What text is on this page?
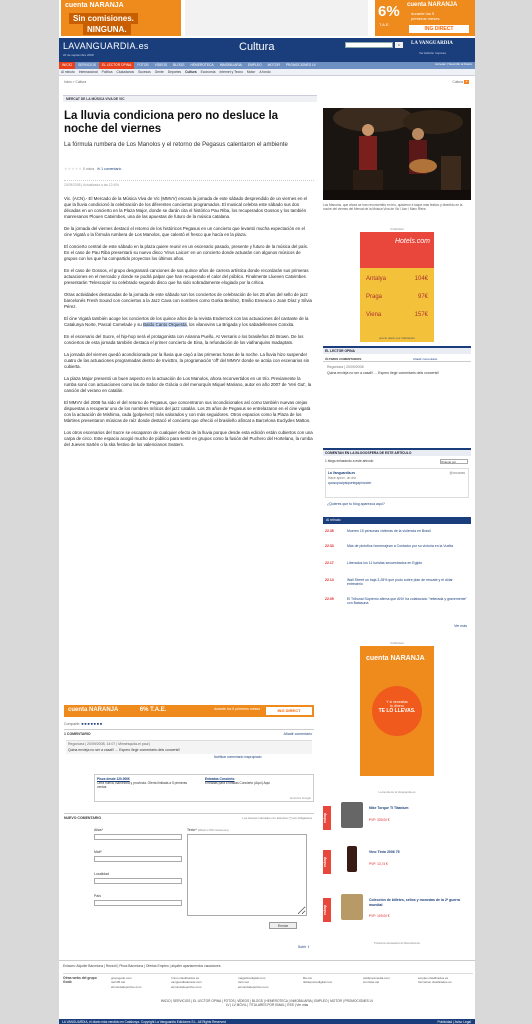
cuenta NARANJA
Sin comisiones.
NINGUNA.
6%
T.A.E.
cuenta NARANJA
durante los 5
primeros meses
ING DIRECT
LAVANGUARDIA.es
20 de septiembre 2008
Cultura	Ir	LA VANGUARDIA
Ver Edición Impresa
INICIO SERVICIOS EL LECTOR OPINA FOTOS VÍDEOS BLOGS HEMEROTECA INMOBILIARIA EMPLEO MOTOR PROMOCIONES LV	Acceder | Suscribir al Diario
Al minuto Internacional Política Ciudadanos Sucesos Gente Deportes Cultura Economía Internet y Tecno Motor A fondo
Inicio > Cultura	Cultura ●
MERCAT DE LA MÚSICA VIVA DE VIC
La lluvia condiciona pero no desluce la noche del viernes
La fórmula rumbera de Los Manolos y el retorno de Pegasus calentaron el ambiente
★★★★★ 0 votos ✉ 1 comentario
20/09/2008 | Actualizada a las 12:40h

Vic. (ACN).- El Mercado de la Música Viva de Vic (MMVV) encara la jornada de este sábado desprendido de un viernes en el que la lluvia condicionó la celebración de los diferentes conciertos programados. El musical celebra este sábado sus dos décadas en un concierto en la Plaza Major, donde se darán cita el histórico Pau Riba, los recuperados Gossos y los también manresanos Plouen Catximbes, una de las apuestas de futuro de la música catalana.

De la jornada del viernes destacó el retorno de los históricos Pegasus en un concierto que levantó mucha expectación en el cine Vigatà o la fórmula rumbera de Los Manolos, que calentó el fresco que hacía en la plaza.

El concierto central de este sábado en la plaza quiere reunir en un escenario pasado, presente y futuro de la música del país. En el caso de Pau Riba presentará su nuevo disco 'Virus Laicos' en un concierto donde actuarán con algunos músicos de grupos con los que ha compartido proyectos los últimos años.

En el caso de Gossos, el grupo desgranará canciones de sus quince años de carrera artística donde recordarán sus primeras actuaciones en el mercado y donde se podrá palpar que han recuperado el calor del público. Finalmente Llueven Catximbes presentarán 'Telescopio' su celebrado segundo disco que ha sido sobradamente elogiado por la crítica.

Otras actividades destacadas de la jornada de este sábado son los conciertos de celebración de los 25 años del sello de jazz barcelonés Fresh Sound con conciertos a la Jazz Cava con nombres como Gorka Benítez, Emilio Enseuca o Joan Díaz y Sílvia Pérez.

El cine Vigatà también acoge los conciertos de los quince años de la revista Enderrock con las actuaciones del cantante de la Catalunya Norte, Pascal Comelade y su Baldo Canto Orquesta, los vilanovins La Brigada y los sabadellenses Conxita.

En el escenario del Sucre, el hip-hop será el protagonista con Arianna Puello, At Versaris o los brasileños Zé Brown. De los conciertos de esta jornada también destaca el primer concierto de Eina, la refundación de los viafranquins Inadaptats.

La jornada del viernes quedó acondicionada por la lluvia que cayó a las primeras horas de la noche. La lluvia hizo suspender cuatro de las actuaciones programadas dentro de Invicttro, la programación 'off' del MMVV donde se actúa con escenarios sin cubierta.

La plaza Major presentó un buen aspecto en la actuación de Los Manolos, ahora reconvertidos en un trío. Previamente la rumba sonó con actuaciones como las de Sabor de Gràcia o del menorquín Miquel Mariano, autor en año 2007 de 'Veri Gut', la canción del verano en catalán.

El MMVV del 2008 ha sido el del retorno de Pegasus, que concentraron sus incondicionales así como también nuevas orejas dispuestas a recuperar uno de los nombres míticos del jazz catalán. Los 25 años de Pegasus se entrelazaron en el cine vigatà con la actuación de Mishima, cada (golpe/vez) más valorados y con más seguidores. Otros espacios como la Plaza de los Màrtires presentaron músicas de raíz donde destacó el concierto que ofreció el brasileño afincat a Barcelona Euclydes Mattos.

Los otros escenarios del Sucre se escaparon de cualquier efecto de la lluvia porque desde esta edición están cubiertos con una carpa de circo. Este espacio acogió mucho de público para sentir en grupos como la fusión del Puchero del Hortelano, la rumba del Jueves Sartén o la ska festivo de los valencianos Svaters.

cuenta NARANJA	6% T.A.E.	durante los 5 primeros meses	ING DIRECT
Compartir: ■ ■ ■ ■ ■ ■ ■
1 COMENTARIO	Añadir comentario
Regoniara | 20/09/2008, 14:07 | Minnésquita-el paul |
Quina envieja no ser a casa!!! ... Espero llegir comentaris dels concerts!!
Notificar comentario inapropiado
Pisos desde 120.000€
Obra nueva, Barcelona y provincia. Oferta limitada a 5 primeras ventas
Entradas Concierto
Entradas para Entradas Concierto (Aquí) Aquí
Anuncios Google
NUEVO COMENTARIO	Los campos marcados con asterisco (*) son obligatorios
Alias*
Mail*
Localidad
País
Texto* (Máximo 500 caracteres)
Enviar
Subir ⇧
Los Manolos, que ahora se han reconvertido en trío, quisieron e taque más festivo y divertido en la noche del viernes del Mercat de la Música Viva de Vic / Acn / Marc Riera
Publicidad
Hotels.com
Antalya	104€
Praga	97€
Viena	157€
precio diario por habitación
EL LECTOR OPINA
ÚLTIMOS COMENTARIOS	Añadir comentario
Regoniara | 20/09/2008
Quina envieja no ser a casa!!! ... Espero llegir comentaris dels concerts!!
COMENTAN EN LA BLOGOSFERA DE ESTE ARTÍCULO
1 blogs enlazando a este artículo	Ordenar por
La Vanguardia.es	@vocavas
Hace aprox. un día
quosupocipsiquetegaphonder
¿Quieres que tu blog aparezca aquí?
Al minuto
22.35	Mueren 15 personas víctimas de la violencia en Brasil
22.33	Más de pintoflos homenajean a Contador por su victoria en la Vuelta
22.17	Liberados los 11 turistas secuestrados en Egipto
22.14	Wall Street un baja 3,28% que pudo sobre plan de rescate y el dólar entreabrió
22.09	El Tribunal Supremo afirma que ANV ha colaborado "reiterada y gravemente" con Batasuna
Ver más
Publicidad
cuenta NARANJA
Y si necesitas
tu dinero
TE LO LLEVAS.
La tienda de la Vanguardia.es
eshop
Nike Torque TI Titanium
PVP: 339,00 €
eshop
Vino Tinto 2006 75
PVP: 13,74 €
eshop
Colección de billetes, sellos y monedas de la 2ª guerra mundial
PVP: 109,00 €
Productos destacados de Manufacturas
Enlaces: Alquiler Barcelona | Rezzoll | Pisos Barcelona | Ofertas Empleo | alquiler apartamentos vacaciones
Otras webs del grupo Godó
grupogodo.com
rac105.cat
elmundodeportivo.com
rmmo.clasificados.es
vanguardiadossier.com
elmundodeportivo.com
magazinedigital.com
rac1.cat
elmundodeportivo.com
8tv.cat
doblepuntodigital.com
publipresmedia.com
sonrisas.cat
empleo.clasificados.es
formacion.clasificados.es
INICIO | SERVICIOS | EL LECTOR OPINA | FOTOS | VÍDEOS | BLOGS | HEMEROTECA | INMOBILIARIA | EMPLEO | MOTOR | PROMOCIONES LV
LV | LV MÓVIL | TITULARES POR EMAIL | RSS | Ver más
LA VANGUARDIA, el diario más vendido en Catalunya. Copyright La Vanguardia Ediciones S.L. All Rights Reserved	Publicidad | Aviso Legal
